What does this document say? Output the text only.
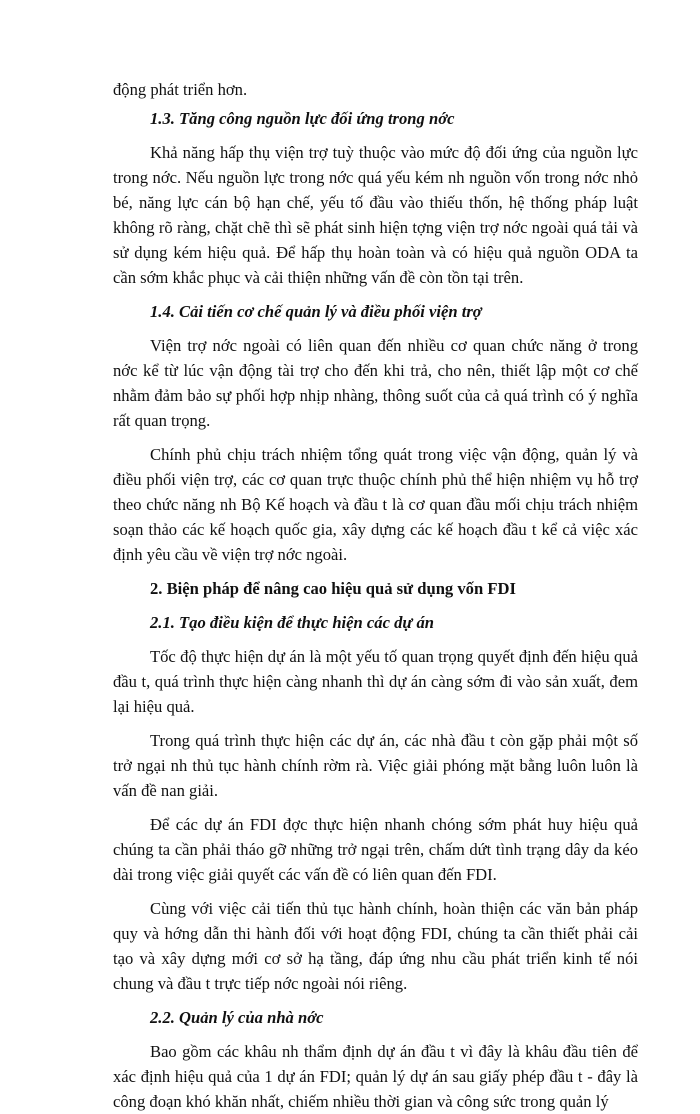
động phát triển hơn.

1.3. Tăng công nguồn lực đối ứng trong nớc

Khả năng hấp thụ viện trợ tuỳ thuộc vào mức độ đối ứng của nguồn lực trong nớc. Nếu nguồn lực trong nớc quá yếu kém nh nguồn vốn trong nớc nhỏ bé, năng lực cán bộ hạn chế, yếu tố đầu vào thiếu thốn, hệ thống pháp luật không rõ ràng, chặt chẽ thì sẽ phát sinh hiện tợng viện trợ nớc ngoài quá tải và sử dụng kém hiệu quả. Để hấp thụ hoàn toàn và có hiệu quả nguồn ODA ta cần sớm khắc phục và cải thiện những vấn đề còn tồn tại trên.

1.4. Cải tiến cơ chế quản lý và điều phối viện trợ

Viện trợ nớc ngoài có liên quan đến nhiều cơ quan chức năng ở trong nớc kể từ lúc vận động tài trợ cho đến khi trả, cho nên, thiết lập một cơ chế nhằm đảm bảo sự phối hợp nhịp nhàng, thông suốt của cả quá trình có ý nghĩa rất quan trọng.

Chính phủ chịu trách nhiệm tổng quát trong việc vận động, quản lý và điều phối viện trợ, các cơ quan trực thuộc chính phủ thể hiện nhiệm vụ hỗ trợ theo chức năng nh Bộ Kế hoạch và đầu t là cơ quan đầu mối chịu trách nhiệm soạn thảo các kế hoạch quốc gia, xây dựng các kế hoạch đầu t kể cả việc xác định yêu cầu về viện trợ nớc ngoài.

2. Biện pháp để nâng cao hiệu quả sử dụng vốn FDI

2.1. Tạo điều kiện để thực hiện các dự án

Tốc độ thực hiện dự án là một yếu tố quan trọng quyết định đến hiệu quả đầu t, quá trình thực hiện càng nhanh thì dự án càng sớm đi vào sản xuất, đem lại hiệu quả.

Trong quá trình thực hiện các dự án, các nhà đầu t còn gặp phải một số trở ngại nh thủ tục hành chính rờm rà. Việc giải phóng mặt bằng luôn luôn là vấn đề nan giải.

Để các dự án FDI đợc thực hiện nhanh chóng sớm phát huy hiệu quả chúng ta cần phải tháo gỡ những trở ngại trên, chấm dứt tình trạng dây da kéo dài trong việc giải quyết các vấn đề có liên quan đến FDI.

Cùng với việc cải tiến thủ tục hành chính, hoàn thiện các văn bản pháp quy và hớng dẫn thi hành đối với hoạt động FDI, chúng ta cần thiết phải cải tạo và xây dựng mới cơ sở hạ tầng, đáp ứng nhu cầu phát triển kinh tế nói chung và đầu t trực tiếp nớc ngoài nói riêng.

2.2. Quản lý của nhà nớc

Bao gồm các khâu nh thẩm định dự án đầu t vì đây là khâu đầu tiên để xác định hiệu quả của 1 dự án FDI; quản lý dự án sau giấy phép đầu t - đây là công đoạn khó khăn nhất, chiếm nhiều thời gian và công sức trong quản lý
